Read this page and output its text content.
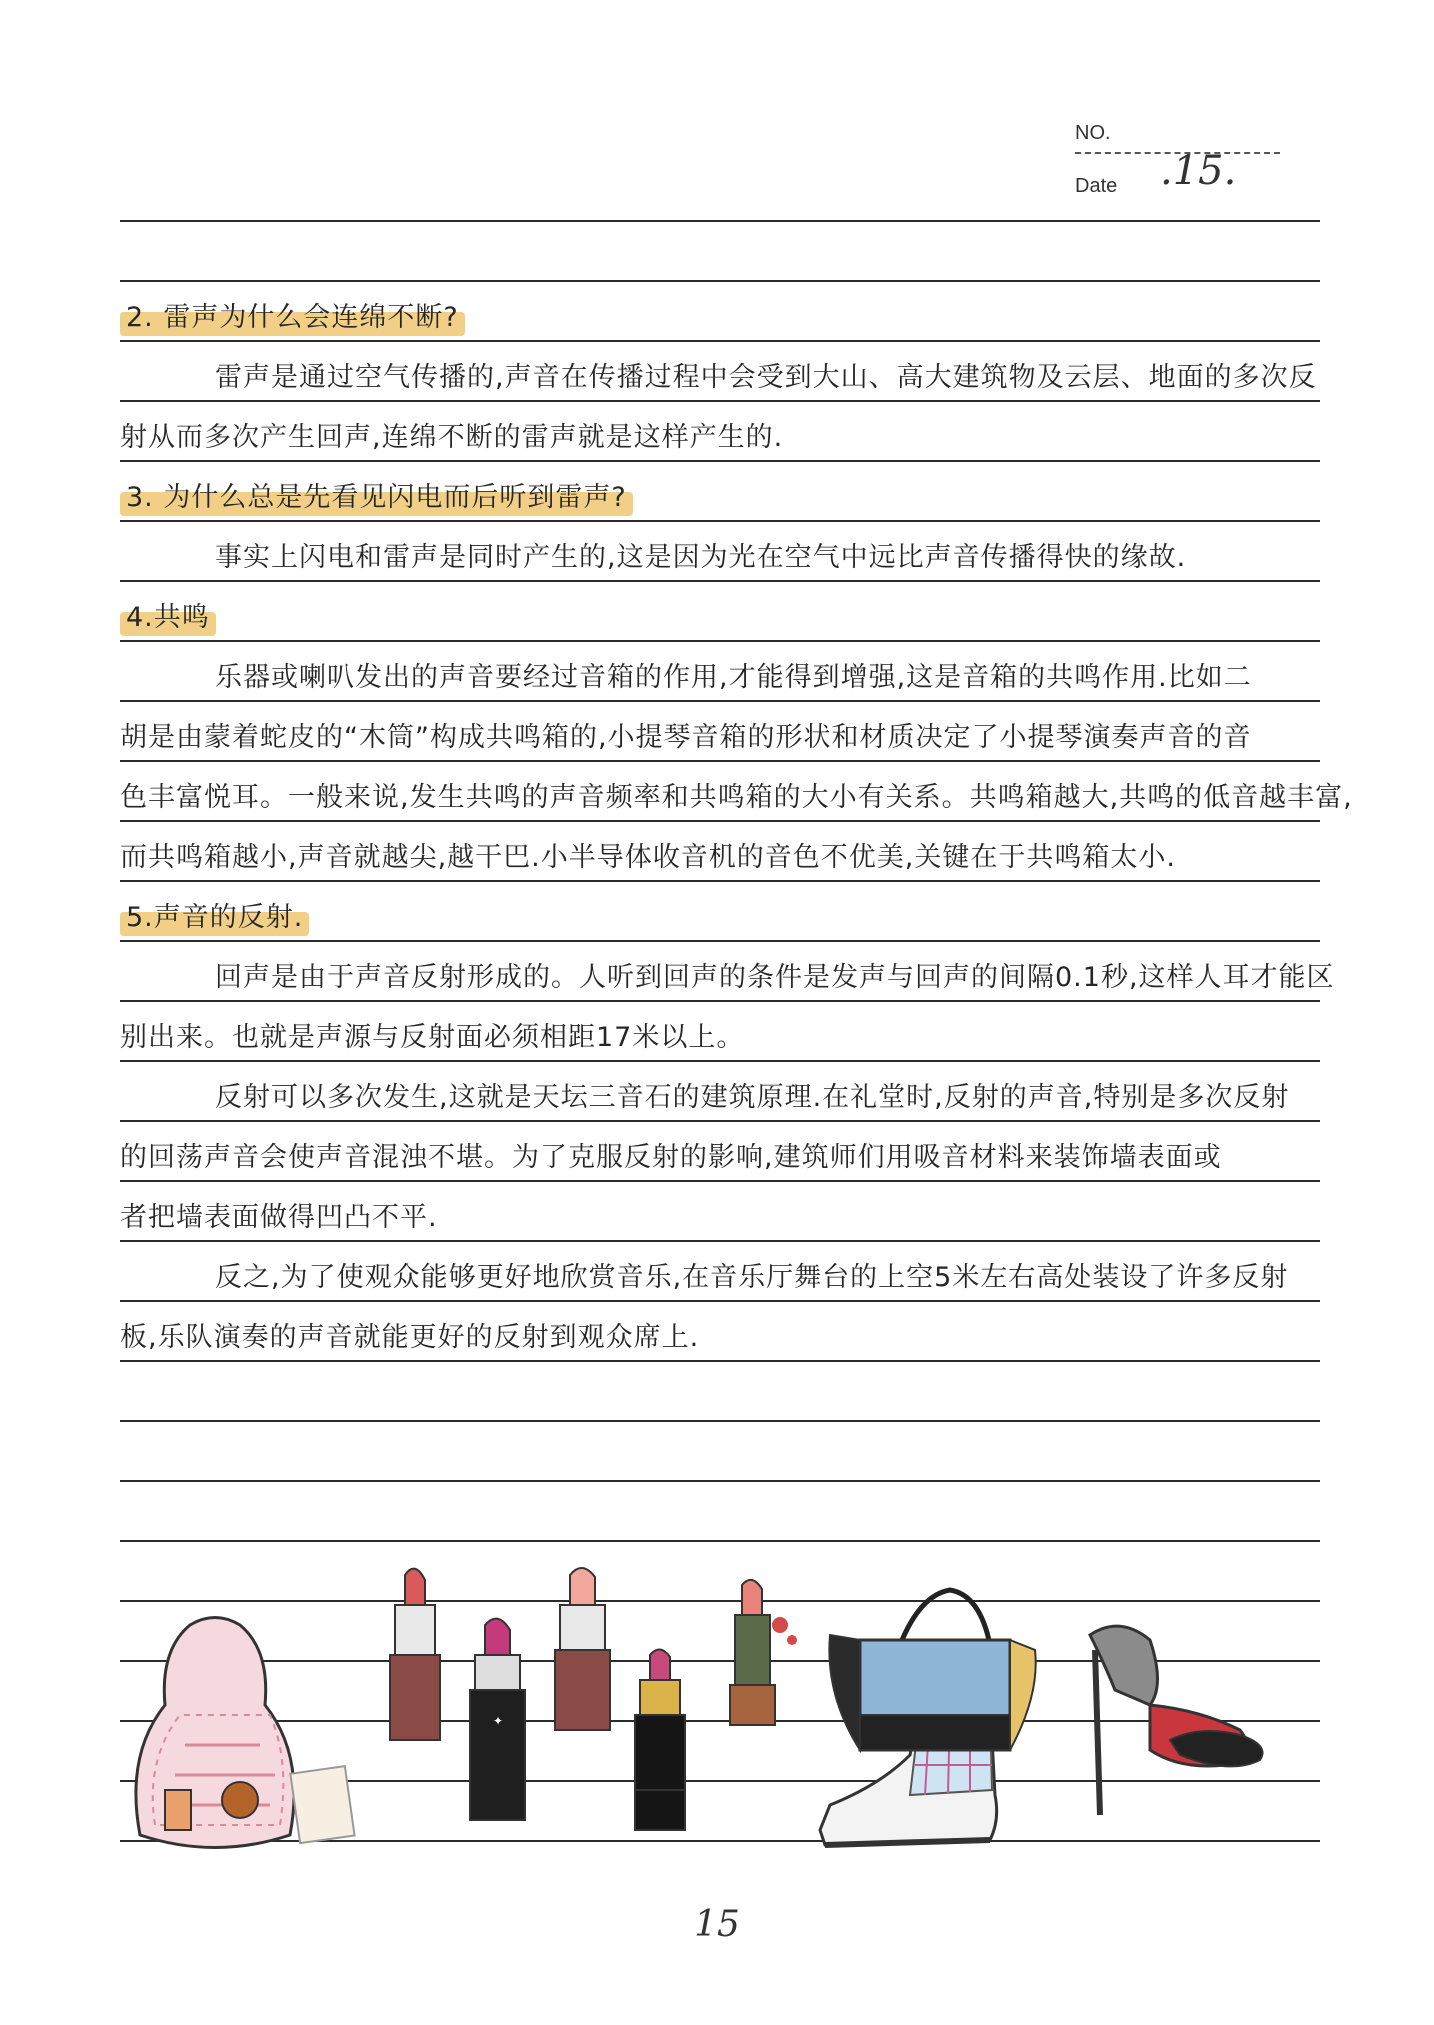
NO.
Date .15.
2. 雷声为什么会连绵不断?
雷声是通过空气传播的,声音在传播过程中会受到大山、高大建筑物及云层、地面的多次反
射从而多次产生回声,连绵不断的雷声就是这样产生的.
3. 为什么总是先看见闪电而后听到雷声?
事实上闪电和雷声是同时产生的,这是因为光在空气中远比声音传播得快的缘故.
4.共鸣
乐器或喇叭发出的声音要经过音箱的作用,才能得到增强,这是音箱的共鸣作用.比如二
胡是由蒙着蛇皮的“木筒”构成共鸣箱的,小提琴音箱的形状和材质决定了小提琴演奏声音的音
色丰富悦耳。一般来说,发生共鸣的声音频率和共鸣箱的大小有关系。共鸣箱越大,共鸣的低音越丰富,
而共鸣箱越小,声音就越尖,越干巴.小半导体收音机的音色不优美,关键在于共鸣箱太小.
5.声音的反射.
回声是由于声音反射形成的。人听到回声的条件是发声与回声的间隔0.1秒,这样人耳才能区
别出来。也就是声源与反射面必须相距17米以上。
反射可以多次发生,这就是天坛三音石的建筑原理.在礼堂时,反射的声音,特别是多次反射
的回荡声音会使声音混浊不堪。为了克服反射的影响,建筑师们用吸音材料来装饰墙表面或
者把墙表面做得凹凸不平.
反之,为了使观众能够更好地欣赏音乐,在音乐厅舞台的上空5米左右高处装设了许多反射
板,乐队演奏的声音就能更好的反射到观众席上.
✦
15
